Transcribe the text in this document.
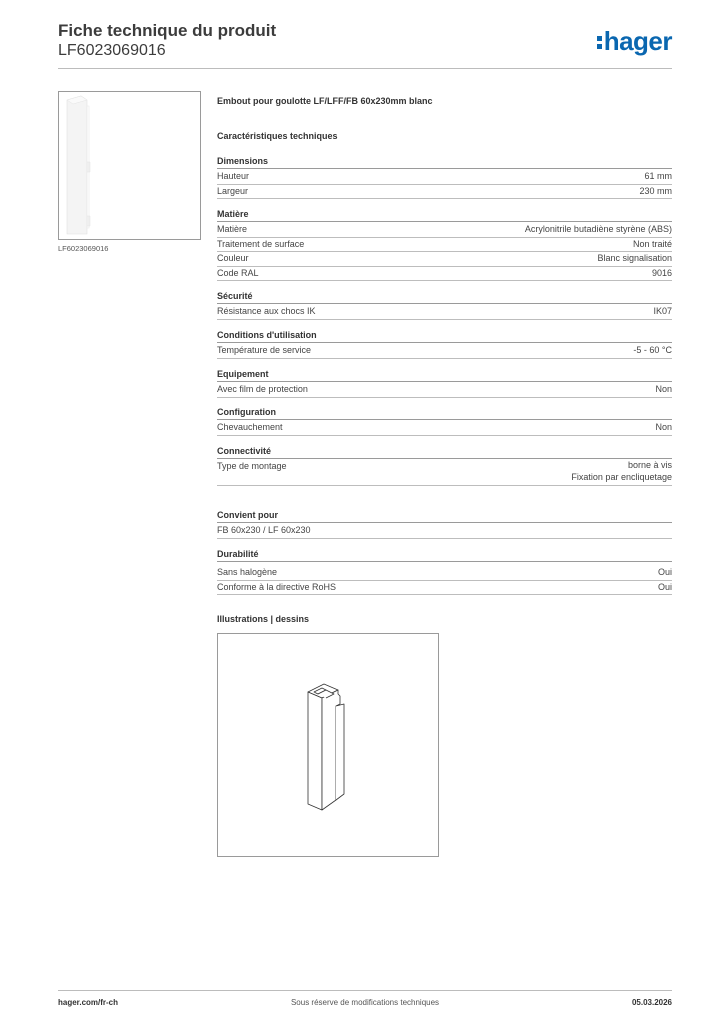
Fiche technique du produit
LF6023069016	hager
LF6023069016
Embout pour goulotte LF/LFF/FB 60x230mm blanc
Caractéristiques techniques
Dimensions
Hauteur	61 mm
Largeur	230 mm
Matière
Matière	Acrylonitrile butadiène styrène (ABS)
Traitement de surface	Non traité
Couleur	Blanc signalisation
Code RAL	9016
Sécurité
Résistance aux chocs IK	IK07
Conditions d'utilisation
Température de service	-5 - 60 °C
Equipement
Avec film de protection	Non
Configuration
Chevauchement	Non
Connectivité
Type de montage	borne à vis
Fixation par encliquetage
Convient pour
FB 60x230 / LF 60x230
Durabilité
Sans halogène	Oui
Conforme à la directive RoHS	Oui
Illustrations | dessins
hager.com/fr-ch	Sous réserve de modifications techniques	05.03.2026
